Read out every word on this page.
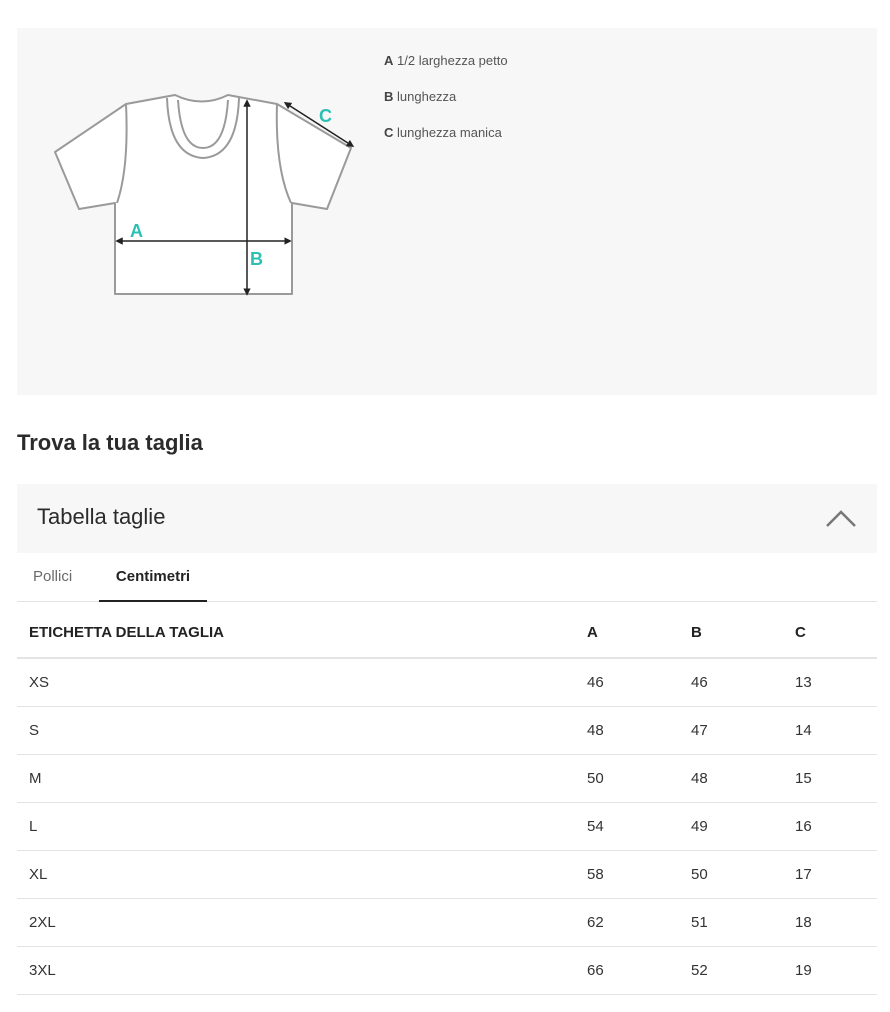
A
B
C
A 1/2 larghezza petto
B lunghezza
C lunghezza manica
Trova la tua taglia
Tabella taglie
Pollici	Centimetri
ETICHETTA DELLA TAGLIA	A	B	C
XS	46	46	13
S	48	47	14
M	50	48	15
L	54	49	16
XL	58	50	17
2XL	62	51	18
3XL	66	52	19
